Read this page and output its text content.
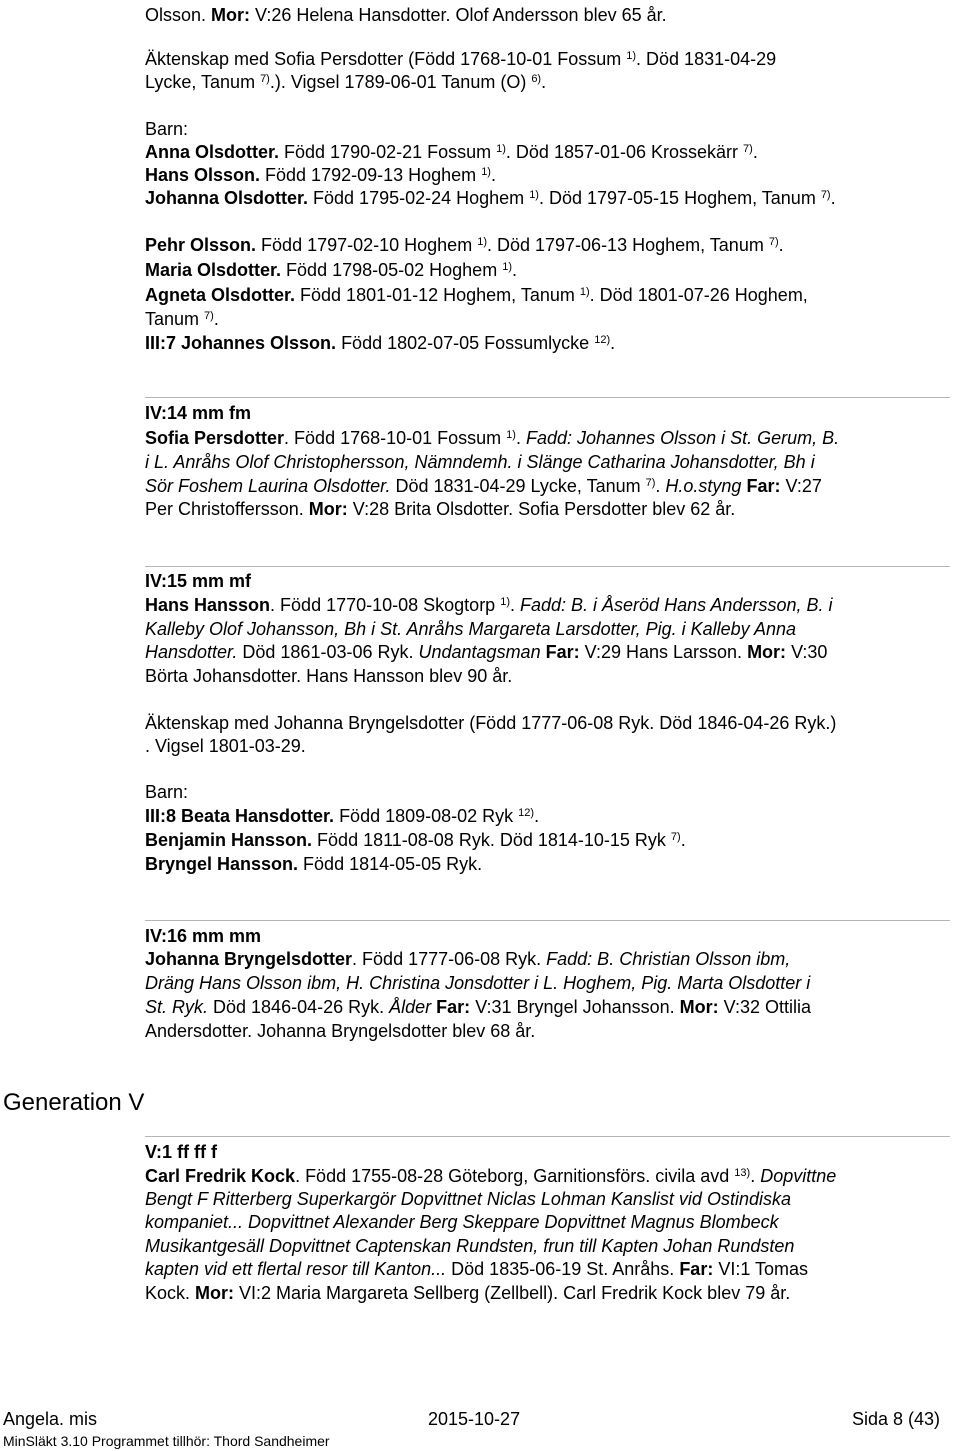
Olsson. Mor: V:26 Helena Hansdotter. Olof Andersson blev 65 år.
Äktenskap med Sofia Persdotter (Född 1768-10-01 Fossum $^{1)}$. Död 1831-04-29
Lycke, Tanum $^{7)}$.). Vigsel 1789-06-01 Tanum (O) $^{6)}$.
Barn:
Anna Olsdotter. Född 1790-02-21 Fossum $^{1)}$. Död 1857-01-06 Krossekärr $^{7)}$.
Hans Olsson. Född 1792-09-13 Hoghem $^{1)}$.
Johanna Olsdotter. Född 1795-02-24 Hoghem $^{1)}$. Död 1797-05-15 Hoghem, Tanum $^{7)}$.
Pehr Olsson. Född 1797-02-10 Hoghem $^{1)}$. Död 1797-06-13 Hoghem, Tanum $^{7)}$.
Maria Olsdotter. Född 1798-05-02 Hoghem $^{1)}$.
Agneta Olsdotter. Född 1801-01-12 Hoghem, Tanum $^{1)}$. Död 1801-07-26 Hoghem,
Tanum $^{7)}$.
III:7 Johannes Olsson. Född 1802-07-05 Fossumlycke $^{12)}$.
IV:14 mm fm
Sofia Persdotter. Född 1768-10-01 Fossum $^{1)}$. Fadd: Johannes Olsson i St. Gerum, B.
i L. Anråhs Olof Christophersson, Nämndemh. i Slänge Catharina Johansdotter, Bh i
Sör Foshem Laurina Olsdotter. Död 1831-04-29 Lycke, Tanum $^{7)}$. H.o.styng Far: V:27
Per Christoffersson. Mor: V:28 Brita Olsdotter. Sofia Persdotter blev 62 år.
IV:15 mm mf
Hans Hansson. Född 1770-10-08 Skogtorp $^{1)}$. Fadd: B. i Åseröd Hans Andersson, B. i
Kalleby Olof Johansson, Bh i St. Anråhs Margareta Larsdotter, Pig. i Kalleby Anna
Hansdotter. Död 1861-03-06 Ryk. Undantagsman Far: V:29 Hans Larsson. Mor: V:30
Börta Johansdotter. Hans Hansson blev 90 år.
Äktenskap med Johanna Bryngelsdotter (Född 1777-06-08 Ryk. Död 1846-04-26 Ryk.)
. Vigsel 1801-03-29.
Barn:
III:8 Beata Hansdotter. Född 1809-08-02 Ryk $^{12)}$.
Benjamin Hansson. Född 1811-08-08 Ryk. Död 1814-10-15 Ryk $^{7)}$.
Bryngel Hansson. Född 1814-05-05 Ryk.
IV:16 mm mm
Johanna Bryngelsdotter. Född 1777-06-08 Ryk. Fadd: B. Christian Olsson ibm,
Dräng Hans Olsson ibm, H. Christina Jonsdotter i L. Hoghem, Pig. Marta Olsdotter i
St. Ryk. Död 1846-04-26 Ryk. Ålder Far: V:31 Bryngel Johansson. Mor: V:32 Ottilia
Andersdotter. Johanna Bryngelsdotter blev 68 år.
Generation V
V:1 ff ff f
Carl Fredrik Kock. Född 1755-08-28 Göteborg, Garnitionsförs. civila avd $^{13)}$. Dopvittne
Bengt F Ritterberg Superkargör Dopvittnet Niclas Lohman Kanslist vid Ostindiska
kompaniet... Dopvittnet Alexander Berg Skeppare Dopvittnet Magnus Blombeck
Musikantgesäll Dopvittnet Captenskan Rundsten, frun till Kapten Johan Rundsten
kapten vid ett flertal resor till Kanton... Död 1835-06-19 St. Anråhs. Far: VI:1 Tomas
Kock. Mor: VI:2 Maria Margareta Sellberg (Zellbell). Carl Fredrik Kock blev 79 år.
Angela. mis	2015-10-27	Sida 8 (43)
MinSläkt 3.10 Programmet tillhör: Thord Sandheimer
